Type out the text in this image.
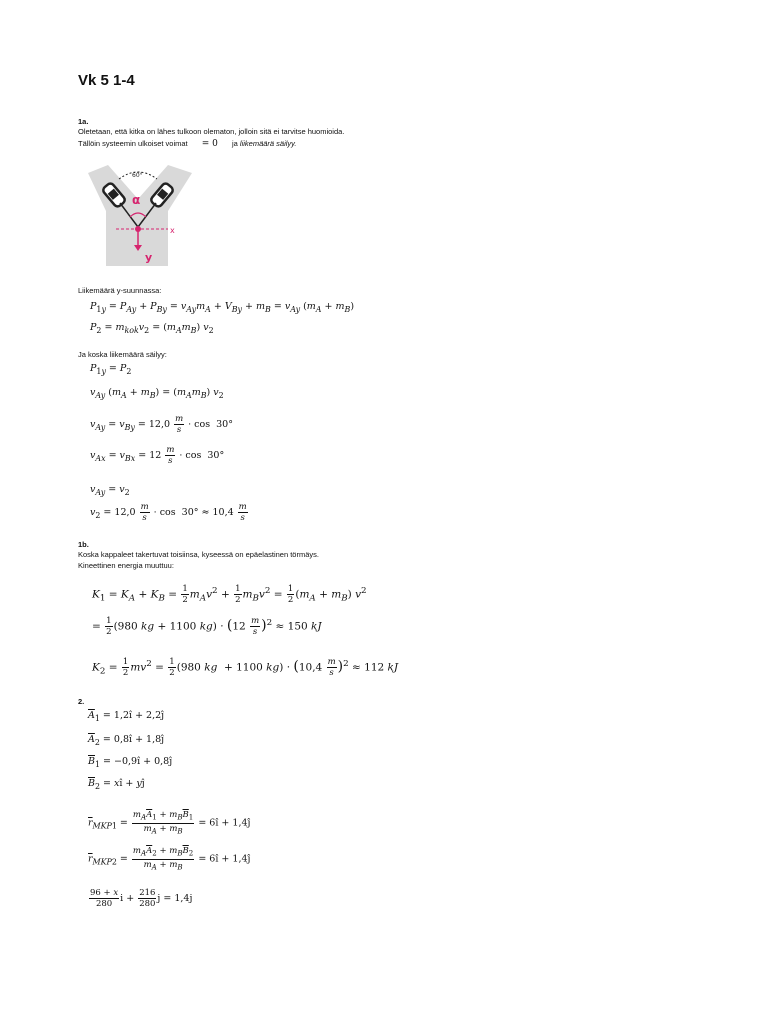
Vk 5 1-4
1a.
Oletetaan, että kitka on lähes tulkoon olematon, jolloin sitä ei tarvitse huomioida.
Tällöin systeemin ulkoiset voimat = 0 ja liikemäärä säilyy.
60°
α
x
y
Liikemäärä y-suunnassa:
$P_{1y} = P_{Ay} + P_{By} = v_{Ay}m_A + V_{By} + m_B = v_{Ay}$ $(m_A + m_B)$
$P_2 = m_{kok}v_2 = (m_Am_B)$ $v_2$
Ja koska liikemäärä säilyy:
$P_{1y} = P_2$
$v_{Ay}$ $(m_A + m_B) = (m_Am_B)$ $v_2$
$v_{Ay} = v_{By} = 12,0 \frac{m}{s} \cdot \cos 30^\circ$
$v_{Ax} = v_{Bx} = 12 \frac{m}{s} \cdot \cos 30^\circ$
$v_{Ay} = v_2$
$v_2 = 12,0 \frac{m}{s} \cdot \cos 30^\circ \approx 10,4 \frac{m}{s}$
1b.
Koska kappaleet takertuvat toisiinsa, kyseessä on epäelastinen törmäys.
Kineettinen energia muuttuu:
$K_1 = K_A + K_B = \frac{1}{2} m_Av^2 + \frac{1}{2} m_Bv^2 = \frac{1}{2} (m_A + m_B)$ $v^2$
= $\frac{1}{2} (980$ kg + 1100 $kg) \cdot (12 \frac{m}{s} )^2 \approx 150$ kJ
$K_2 = \frac{1}{2} mv^2 = \frac{1}{2} (980$ kg  + 1100 $kg) \cdot (10,4 \frac{m}{s} )^2 \approx 112$ kJ
2.
$\overline{A}_1$ = 1,2î + 2,2ĵ
$\overline{A}_2$ = 0,8î + 1,8ĵ
$\overline{B}_1$ = −0,9î + 0,8ĵ
$\overline{B}_2$ = xî + yĵ
$\overline{r}_{MKP1}$ =
$m_A\overline{A}_1 + m_B\overline{B}_1$
$m_A + m_B$
= 6î + 1,4ĵ
$\overline{r}_{MKP2}$ =
$m_A\overline{A}_2 + m_B\overline{B}_2$
$m_A + m_B$
= 6î + 1,4ĵ
$\frac{96 + x}{280}$ $i + \frac{216}{280}$ j = 1,4j
